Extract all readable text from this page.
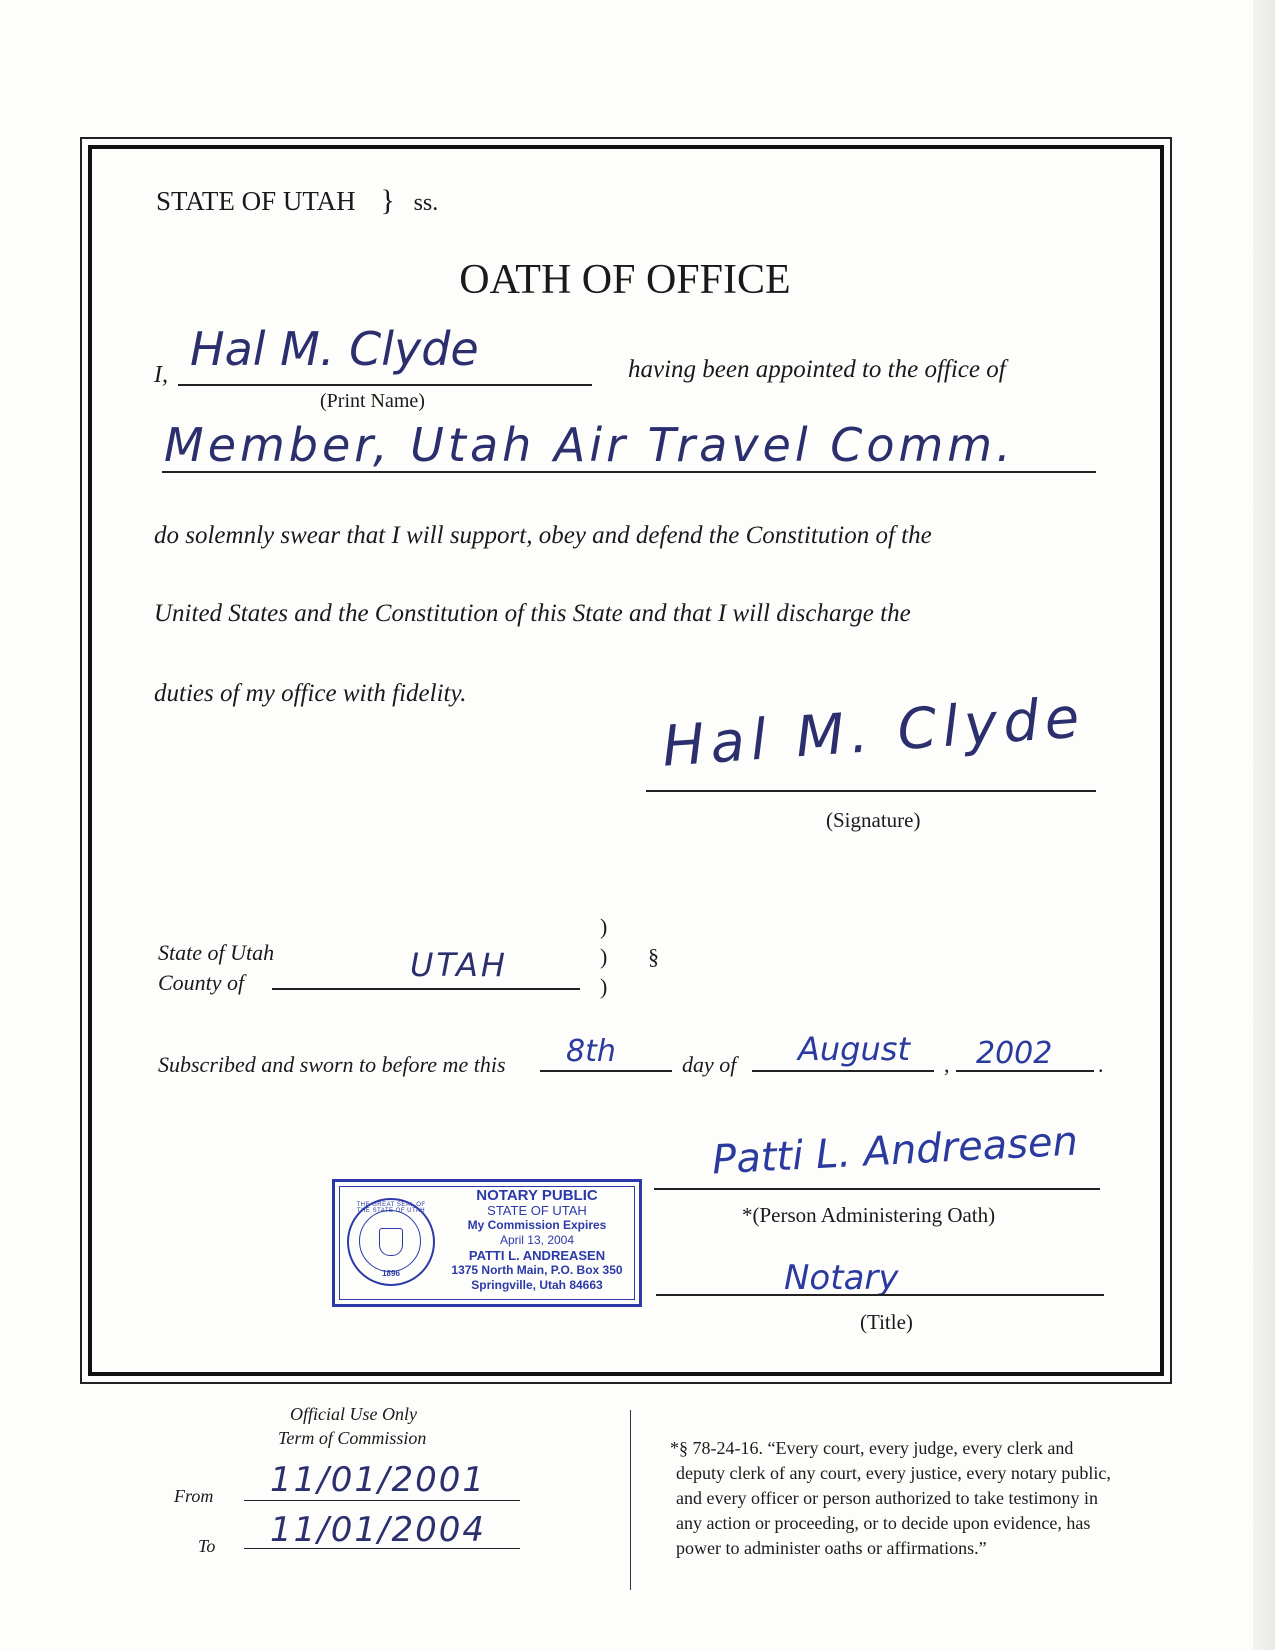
STATE OF UTAH } ss.
OATH OF OFFICE
I, Hal M. Clyde
(Print Name)
having been appointed to the office of
Member, Utah Air Travel Comm.
do solemnly swear that I will support, obey and defend the Constitution of the
United States and the Constitution of this State and that I will discharge the
duties of my office with fidelity.	Hal M. Clyde
(Signature)
State of Utah
County of	UTAH
)
)
)
§
Subscribed and sworn to before me this 8th	day of August , 2002 .
THE GREAT SEAL OF THE STATE OF UTAH
1896
NOTARY PUBLIC
STATE OF UTAH
My Commission Expires
April 13, 2004
PATTI L. ANDREASEN
1375 North Main, P.O. Box 350
Springville, Utah 84663
Patti L. Andreasen
*(Person Administering Oath)
Notary
(Title)
Official Use Only
Term of Commission
From 11/01/2001
To 11/01/2004
*§ 78-24-16. “Every court, every judge, every clerk and
deputy clerk of any court, every justice, every notary public,
and every officer or person authorized to take testimony in
any action or proceeding, or to decide upon evidence, has
power to administer oaths or affirmations.”
